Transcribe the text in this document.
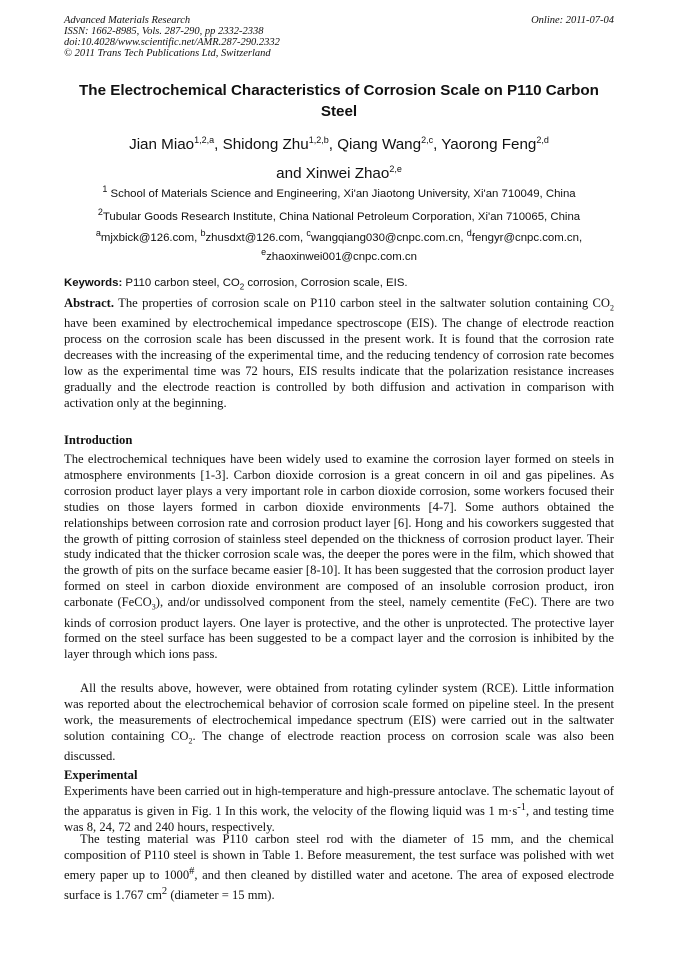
Advanced Materials Research
ISSN: 1662-8985, Vols. 287-290, pp 2332-2338
doi:10.4028/www.scientific.net/AMR.287-290.2332
© 2011 Trans Tech Publications Ltd, Switzerland
Online: 2011-07-04
The Electrochemical Characteristics of Corrosion Scale on P110 Carbon Steel
Jian Miao$^{1,2,a}$, Shidong Zhu$^{1,2,b}$, Qiang Wang$^{2,c}$, Yaorong Feng$^{2,d}$
and Xinwei Zhao$^{2,e}$
$^1$ School of Materials Science and Engineering, Xi'an Jiaotong University, Xi'an 710049, China
$^2$Tubular Goods Research Institute, China National Petroleum Corporation, Xi'an 710065, China
$^a$mjxbick@126.com, $^b$zhusdxt@126.com, $^c$wangqiang030@cnpc.com.cn, $^d$fengyr@cnpc.com.cn,
$^e$zhaoxinwei001@cnpc.com.cn
Keywords: P110 carbon steel, $CO_2$ corrosion, Corrosion scale, EIS.

Abstract. The properties of corrosion scale on P110 carbon steel in the saltwater solution containing $CO_2$ have been examined by electrochemical impedance spectroscope (EIS). The change of electrode reaction process on the corrosion scale has been discussed in the present work. It is found that the corrosion rate decreases with the increasing of the experimental time, and the reducing tendency of corrosion rate becomes low as the experimental time was 72 hours, EIS results indicate that the polarization resistance increases gradually and the electrode reaction is controlled by both diffusion and activation in comparison with activation only at the beginning.

Introduction

The electrochemical techniques have been widely used to examine the corrosion layer formed on steels in atmosphere environments [1-3]. Carbon dioxide corrosion is a great concern in oil and gas pipelines. As corrosion product layer plays a very important role in carbon dioxide corrosion, some workers focused their studies on those layers formed in carbon dioxide environments [4-7]. Some authors obtained the relationships between corrosion rate and corrosion product layer [6]. Hong and his coworkers suggested that the growth of pitting corrosion of stainless steel depended on the thickness of corrosion product layer. Their study indicated that the thicker corrosion scale was, the deeper the pores were in the film, which showed that the growth of pits on the surface became easier [8-10]. It has been suggested that the corrosion product layer formed on steel in carbon dioxide environment are composed of an insoluble corrosion product, iron carbonate (FeCO$_3$), and/or undissolved component from the steel, namely cementite (FeC). There are two kinds of corrosion product layers. One layer is protective, and the other is unprotected. The protective layer formed on the steel surface has been suggested to be a compact layer and the corrosion is inhibited by the layer through which ions pass.

All the results above, however, were obtained from rotating cylinder system (RCE). Little information was reported about the electrochemical behavior of corrosion scale formed on pipeline steel. In the present work, the measurements of electrochemical impedance spectrum (EIS) were carried out in the saltwater solution containing $CO_2$. The change of electrode reaction process on corrosion scale was also been discussed.

Experimental

Experiments have been carried out in high-temperature and high-pressure antoclave. The schematic layout of the apparatus is given in Fig. 1 In this work, the velocity of the flowing liquid was 1 $m\cdot s^{-1}$, and testing time was 8, 24, 72 and 240 hours, respectively.

The testing material was P110 carbon steel rod with the diameter of 15 mm, and the chemical composition of P110 steel is shown in Table 1. Before measurement, the test surface was polished with wet emery paper up to 1000#, and then cleaned by distilled water and acetone. The area of exposed electrode surface is 1.767 $cm^2$ (diameter = 15 mm).
